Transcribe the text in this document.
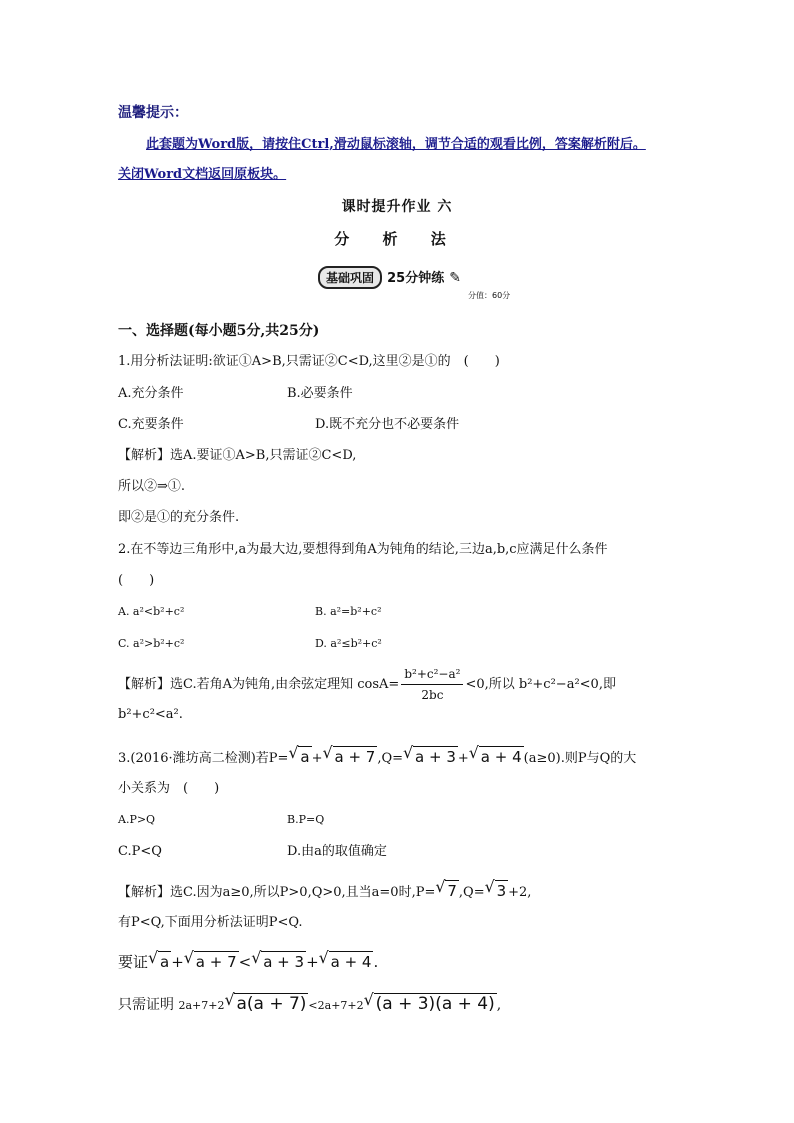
温馨提示：
此套题为Word版，请按住Ctrl,滑动鼠标滚轴，调节合适的观看比例，答案解析附后。
关闭Word文档返回原板块。
课时提升作业 六
分 析 法
基础巩固 25分钟练 ✎
分值：60分
一、选择题(每小题5分,共25分)
1.用分析法证明:欲证①A>B,只需证②C<D,这里②是①的　(　　)
A.充分条件	B.必要条件
C.充要条件	D.既不充分也不必要条件
【解析】选A.要证①A>B,只需证②C<D,
所以②⇒①.
即②是①的充分条件.
2.在不等边三角形中,a为最大边,要想得到角A为钝角的结论,三边a,b,c应满足什么条件
(　　)
A. a²<b²+c²	B. a²=b²+c²
C. a²>b²+c²	D. a²≤b²+c²
【解析】选C.若角A为钝角,由余弦定理知 $\cos A= \frac{\text{b²+c²−a²}}{2bc} <0$,所以 b²+c²−a²<0,即
b²+c²<a².
3.(2016·潍坊高二检测)若P= √ a + √ a + 7 ,Q= √ a + 3 + √ a + 4 (a≥0).则P与Q的大
小关系为　(　　)
A.P>Q	B.P=Q
C.P<Q	D.由a的取值确定
【解析】选C.因为a≥0,所以P>0,Q>0,且当a=0时,P= √ 7 ,Q= √ 3 +2,
有P<Q,下面用分析法证明P<Q.
要证 √ a + √ a + 7 < √ a + 3 + √ a + 4 .
只需证明 2a+7+2 √ a(a + 7) <2a+7+2 √ (a + 3)(a + 4) ,
